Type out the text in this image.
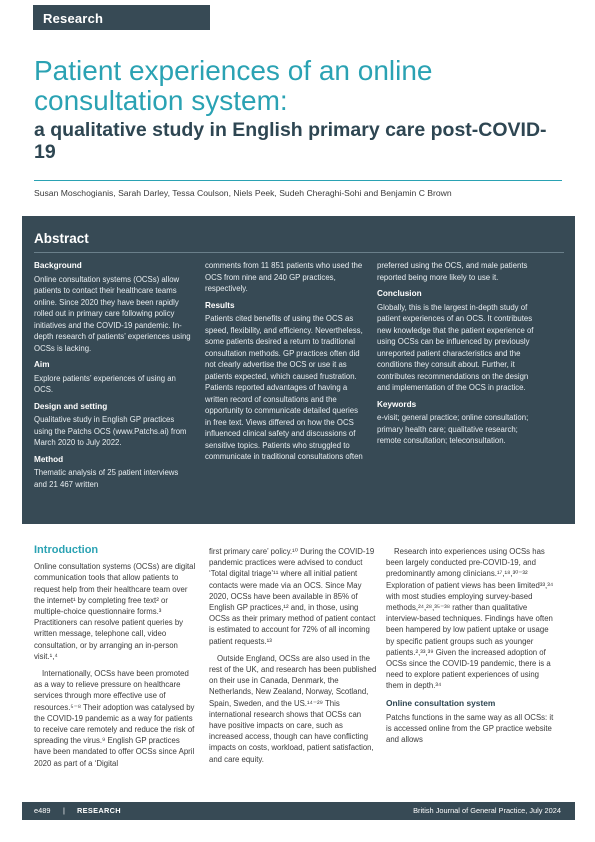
Research
Patient experiences of an online consultation system:
a qualitative study in English primary care post-COVID-19
Susan Moschogianis, Sarah Darley, Tessa Coulson, Niels Peek, Sudeh Cheraghi-Sohi and Benjamin C Brown
Abstract
Background

Online consultation systems (OCSs) allow patients to contact their healthcare teams online. Since 2020 they have been rapidly rolled out in primary care following policy initiatives and the COVID-19 pandemic. In-depth research of patients’ experiences using OCSs is lacking.

Aim

Explore patients’ experiences of using an OCS.

Design and setting

Qualitative study in English GP practices using the Patchs OCS (www.Patchs.ai) from March 2020 to July 2022.

Method

Thematic analysis of 25 patient interviews and 21 467 written

comments from 11 851 patients who used the OCS from nine and 240 GP practices, respectively.

Results

Patients cited benefits of using the OCS as speed, flexibility, and efficiency. Nevertheless, some patients desired a return to traditional consultation methods. GP practices often did not clearly advertise the OCS or use it as patients expected, which caused frustration. Patients reported advantages of having a written record of consultations and the opportunity to communicate detailed queries in free text. Views differed on how the OCS influenced clinical safety and discussions of sensitive topics. Patients who struggled to communicate in traditional consultations often

preferred using the OCS, and male patients reported being more likely to use it.

Conclusion

Globally, this is the largest in-depth study of patient experiences of an OCS. It contributes new knowledge that the patient experience of using OCSs can be influenced by previously unreported patient characteristics and the conditions they consult about. Further, it contributes recommendations on the design and implementation of the OCS in practice.

Keywords

e-visit; general practice; online consultation; primary health care; qualitative research; remote consultation; teleconsultation.

Introduction

Online consultation systems (OCSs) are digital communication tools that allow patients to request help from their healthcare team over the internet¹ by completing free text² or multiple-choice questionnaire forms.³ Practitioners can resolve patient queries by written message, telephone call, video consultation, or by arranging an in-person visit.¹,⁴

Internationally, OCSs have been promoted as a way to relieve pressure on healthcare services through more effective use of resources.⁵⁻⁸ Their adoption was catalysed by the COVID-19 pandemic as a way for patients to receive care remotely and reduce the risk of spreading the virus.⁹ English GP practices have been mandated to offer OCSs since April 2020 as part of a ‘Digital

first primary care’ policy.¹⁰ During the COVID-19 pandemic practices were advised to conduct ‘Total digital triage’¹¹ where all initial patient contacts were made via an OCS. Since May 2020, OCSs have been available in 85% of English GP practices,¹² and, in those, using OCSs as their primary method of patient contact is estimated to account for 72% of all incoming patient requests.¹³

Outside England, OCSs are also used in the rest of the UK, and research has been published on their use in Canada, Denmark, the Netherlands, New Zealand, Norway, Scotland, Spain, Sweden, and the US.¹⁴⁻²⁹ This international research shows that OCSs can have positive impacts on care, such as increased access, though can have conflicting impacts on costs, workload, patient satisfaction, and care equity.

Research into experiences using OCSs has been largely conducted pre-COVID-19, and predominantly among clinicians.¹⁷,¹⁸,³⁰⁻³² Exploration of patient views has been limited³³,³⁴ with most studies employing survey-based methods,²⁴,²⁸,³⁵⁻³⁸ rather than qualitative interview-based techniques. Findings have often been hampered by low patient uptake or usage by specific patient groups such as younger patients.²,³³,³⁹ Given the increased adoption of OCSs since the COVID-19 pandemic, there is a need to explore patient experiences of using them in depth.³⁴

Online consultation system

Patchs functions in the same way as all OCSs: it is accessed online from the GP practice website and allows

e489 | RESEARCH	British Journal of General Practice, July 2024
